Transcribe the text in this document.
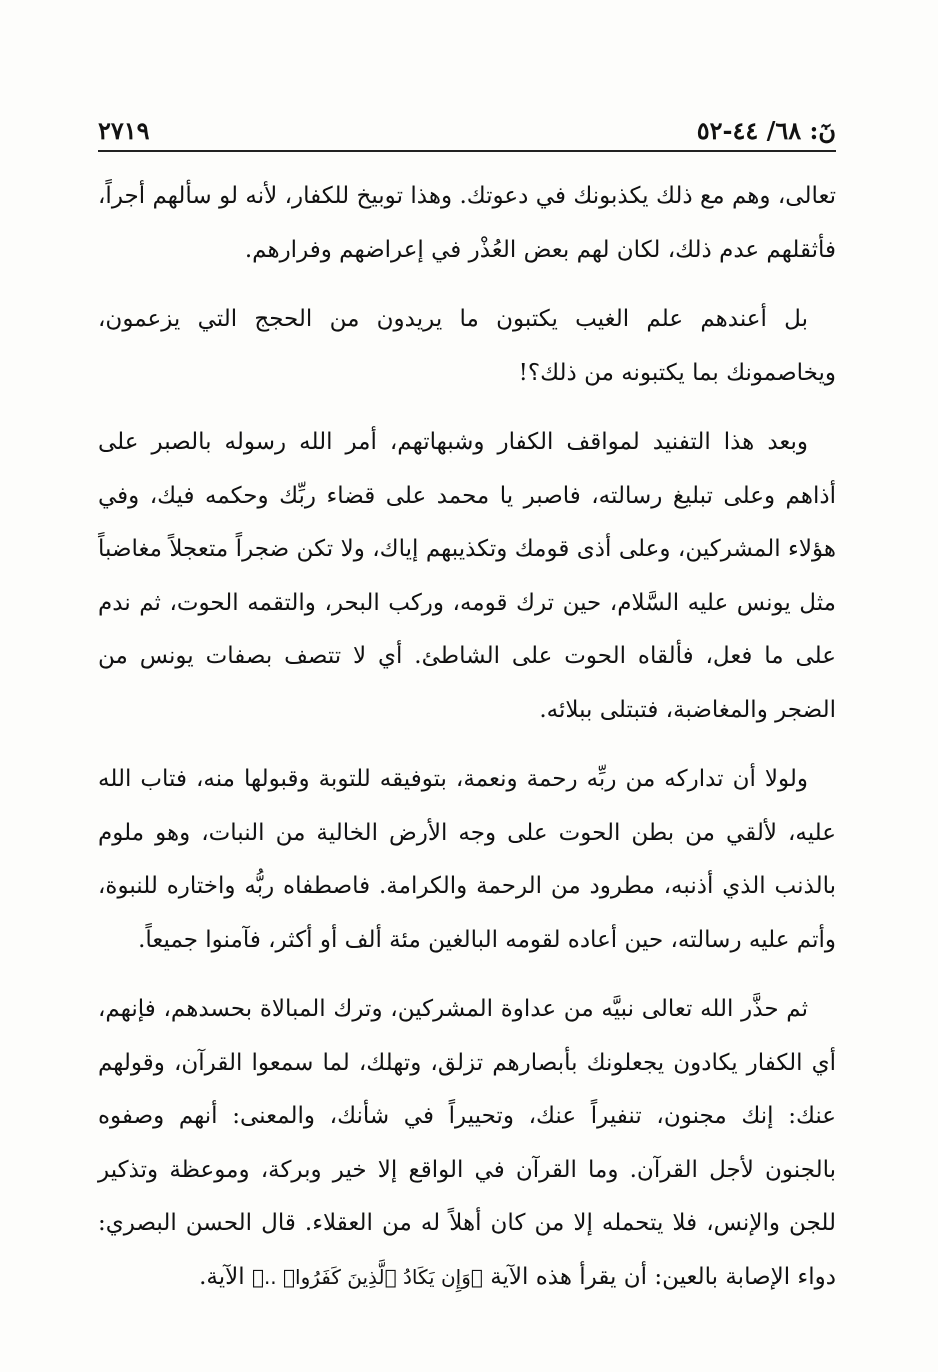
نٓ: ٦٨/ ٤٤-٥٢
٢٧١٩

تعالى، وهم مع ذلك يكذبونك في دعوتك. وهذا توبيخ للكفار، لأنه لو سألهم أجراً، فأثقلهم عدم ذلك، لكان لهم بعض العُذْر في إعراضهم وفرارهم.

بل أعندهم علم الغيب يكتبون ما يريدون من الحجج التي يزعمون، ويخاصمونك بما يكتبونه من ذلك؟!

وبعد هذا التفنيد لمواقف الكفار وشبهاتهم، أمر الله رسوله بالصبر على أذاهم وعلى تبليغ رسالته، فاصبر يا محمد على قضاء ربِّك وحكمه فيك، وفي هؤلاء المشركين، وعلى أذى قومك وتكذيبهم إياك، ولا تكن ضجراً متعجلاً مغاضباً مثل يونس عليه السَّلام، حين ترك قومه، وركب البحر، والتقمه الحوت، ثم ندم على ما فعل، فألقاه الحوت على الشاطئ. أي لا تتصف بصفات يونس من الضجر والمغاضبة، فتبتلى ببلائه.

ولولا أن تداركه من ربِّه رحمة ونعمة، بتوفيقه للتوبة وقبولها منه، فتاب الله عليه، لألقي من بطن الحوت على وجه الأرض الخالية من النبات، وهو ملوم بالذنب الذي أذنبه، مطرود من الرحمة والكرامة. فاصطفاه ربُّه واختاره للنبوة، وأتم عليه رسالته، حين أعاده لقومه البالغين مئة ألف أو أكثر، فآمنوا جميعاً.

ثم حذَّر الله تعالى نبيَّه من عداوة المشركين، وترك المبالاة بحسدهم، فإنهم، أي الكفار يكادون يجعلونك بأبصارهم تزلق، وتهلك، لما سمعوا القرآن، وقولهم عنك: إنك مجنون، تنفيراً عنك، وتحييراً في شأنك، والمعنى: أنهم وصفوه بالجنون لأجل القرآن. وما القرآن في الواقع إلا خير وبركة، وموعظة وتذكير للجن والإنس، فلا يتحمله إلا من كان أهلاً له من العقلاء. قال الحسن البصري: دواء الإصابة بالعين: أن يقرأ هذه الآية ﴿وَإِن يَكَادُ ٱلَّذِينَ كَفَرُوا۟ ..﴾ الآية.
